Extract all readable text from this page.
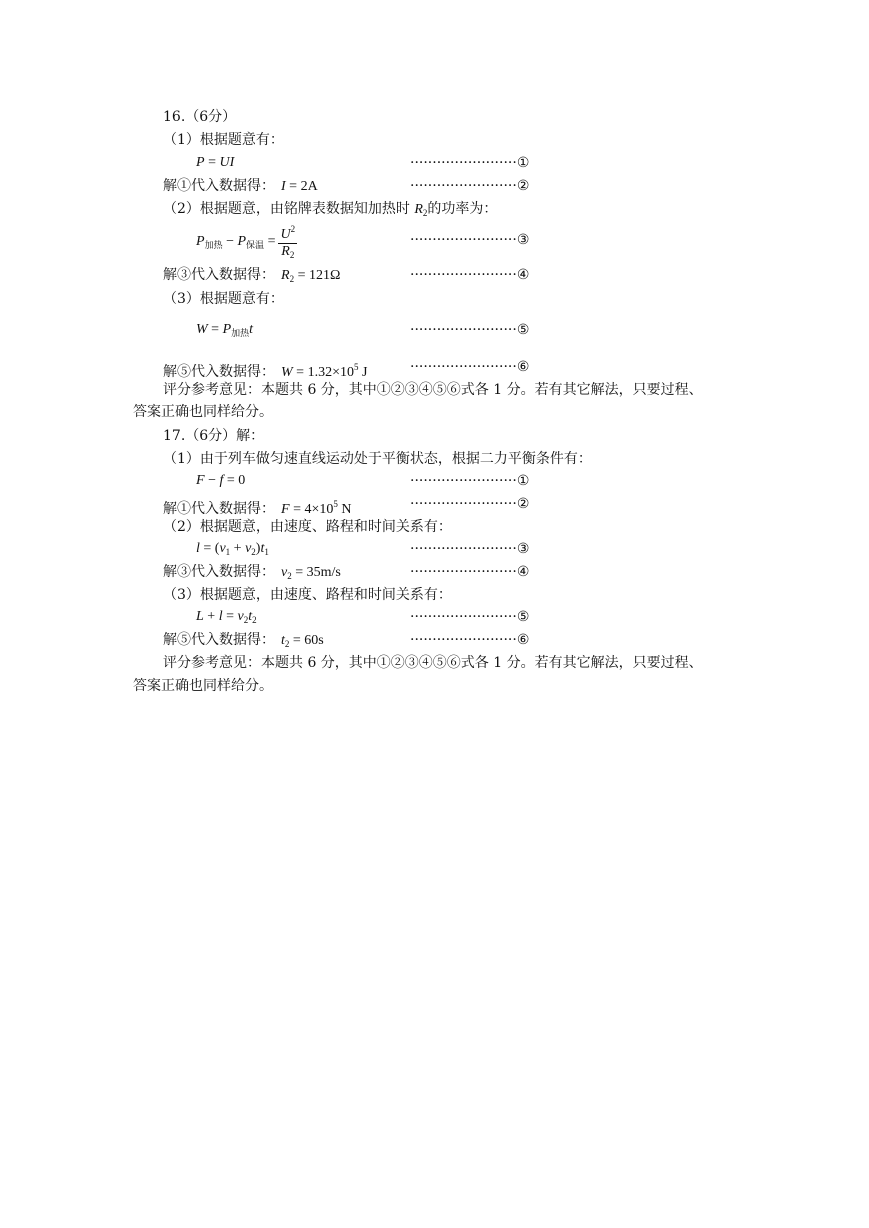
16.（6分）
（1）根据题意有：
P = UI	························①
解①代入数据得： I = 2A	························②
（2）根据题意，由铭牌表数据知加热时 $R_2$的功率为：
$P_{加热} - P_{保温} = \frac{U^2}{R_2}$	························③
解③代入数据得： $R_2 = 121\Omega$	························④
（3）根据题意有：
$W = P_{加热}t$	························⑤
解⑤代入数据得： $W = 1.32\times 10^5$ J	························⑥
评分参考意见：本题共 6 分，其中①②③④⑤⑥式各 1 分。若有其它解法，只要过程、
答案正确也同样给分。
17.（6分）解：
（1）由于列车做匀速直线运动处于平衡状态，根据二力平衡条件有：
F − f = 0	························①
解①代入数据得： $F = 4\times 10^5$ N	························②
（2）根据题意，由速度、路程和时间关系有：
$l = (v_1 + v_2)t_1$	························③
解③代入数据得： $v_2 = 35m/s$	························④
（3）根据题意，由速度、路程和时间关系有：
$L + l = v_2t_2$	························⑤
解⑤代入数据得： $t_2 = 60s$	························⑥
评分参考意见：本题共 6 分，其中①②③④⑤⑥式各 1 分。若有其它解法，只要过程、
答案正确也同样给分。
